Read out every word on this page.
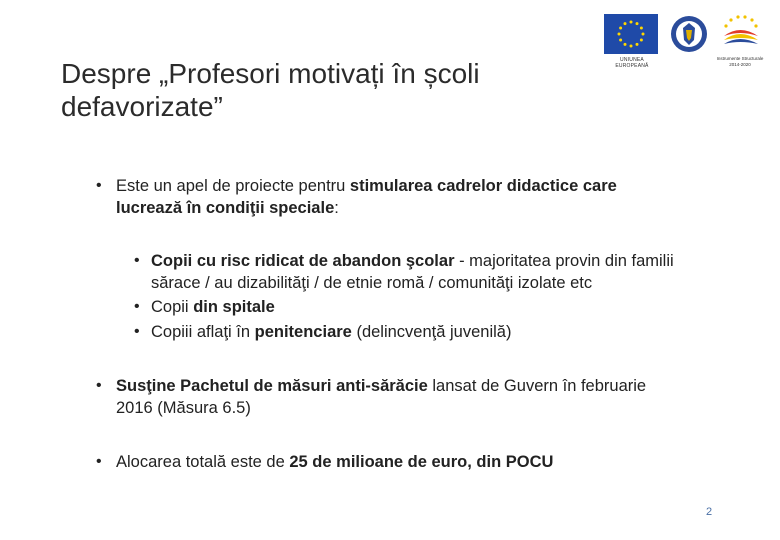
Despre „Profesori motivați în școli
defavorizate”
UNIUNEA EUROPEANĂ
Instrumente Structurale
2014-2020
• Este un apel de proiecte pentru stimularea cadrelor didactice care
lucrează în condiţii speciale:
• Copii cu risc ridicat de abandon şcolar - majoritatea provin din familii
sărace / au dizabilităţi / de etnie romă / comunităţi izolate etc
• Copii din spitale
• Copiii aflaţi în penitenciare (delincvenţă juvenilă)
• Susţine Pachetul de măsuri anti-sărăcie lansat de Guvern în februarie
2016 (Măsura 6.5)
• Alocarea totală este de 25 de milioane de euro, din POCU
2
